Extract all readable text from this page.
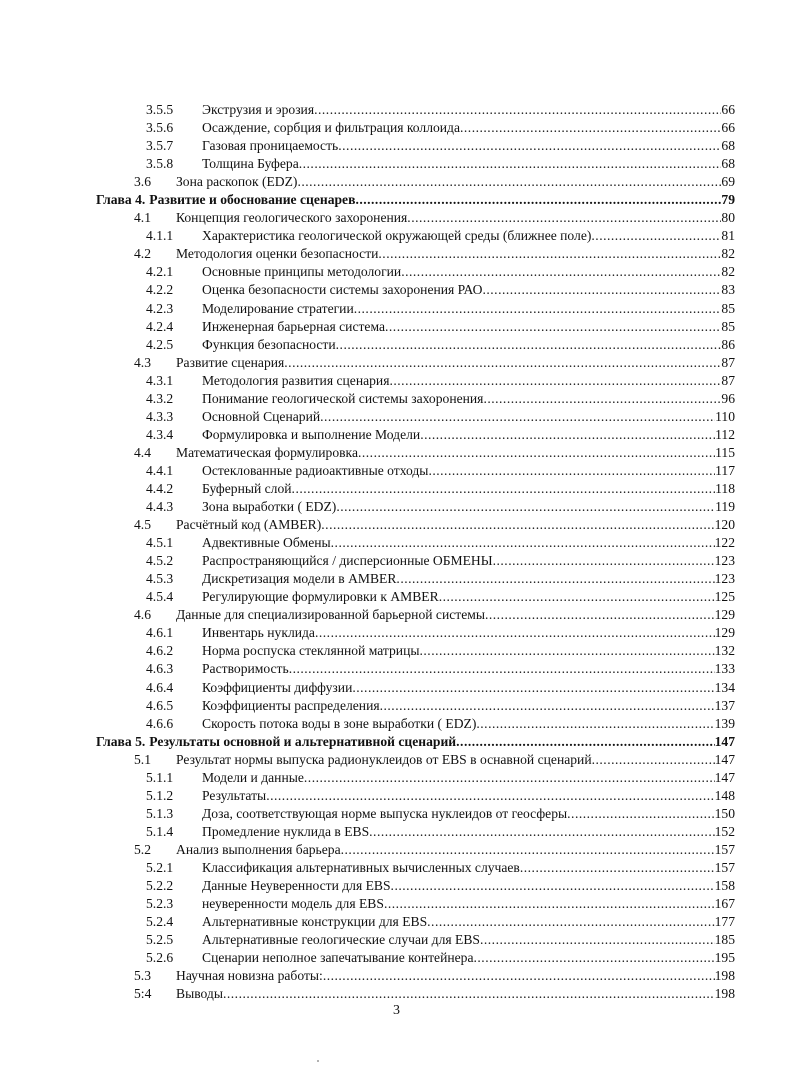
3.5.5	Экструзия и эрозия .....	66
3.5.6	Осаждение, сорбция и фильтрация коллоида .....	66
3.5.7	Газовая проницаемость .....	68
3.5.8	Толщина Буфера .....	68
3.6	Зона раскопок (EDZ) .....	69
Глава 4. Развитие и обоснование сценарев .....	79
4.1	Концепция геологического захоронения .....	80
4.1.1	Характеристика геологической окружающей среды (ближнее поле) .....	81
4.2	Методология оценки безопасности .....	82
4.2.1	Основные принципы методологии .....	82
4.2.2	Оценка безопасности системы захоронения РАО .....	83
4.2.3	Моделирование стратегии .....	85
4.2.4	Инженерная барьерная система .....	85
4.2.5	Функция безопасности .....	86
4.3	Развитие сценария .....	87
4.3.1	Методология развития сценария .....	87
4.3.2	Понимание геологической системы захоронения .....	96
4.3.3	Основной Сценарий .....	110
4.3.4	Формулировка и выполнение Модели .....	112
4.4	Математическая формулировка .....	115
4.4.1	Остеклованные радиоактивные отходы .....	117
4.4.2	Буферный слой .....	118
4.4.3	Зона выработки ( EDZ) .....	119
4.5	Расчётный код (AMBER) .....	120
4.5.1	Адвективные Обмены .....	122
4.5.2	Распространяющийся / дисперсионные ОБМЕНЫ .....	123
4.5.3	Дискретизация модели в AMBER .....	123
4.5.4	Регулирующие формулировки к AMBER .....	125
4.6	Данные для специализированной барьерной системы .....	129
4.6.1	Инвентарь нуклида .....	129
4.6.2	Норма роспуска стеклянной матрицы .....	132
4.6.3	Растворимость .....	133
4.6.4	Коэффициенты диффузии .....	134
4.6.5	Коэффициенты распределения .....	137
4.6.6	Скорость потока воды в зоне выработки ( EDZ) .....	139
Глава 5. Результаты основной и альтернативной сценарий .....	147
5.1	Результат нормы выпуска радионуклеидов от EBS в оснавной сценарий .....	147
5.1.1	Модели и данные .....	147
5.1.2	Результаты .....	148
5.1.3	Доза, соответствующая норме выпуска нуклеидов от геосферы .....	150
5.1.4	Промедление нуклида в EBS .....	152
5.2	Анализ выполнения барьера .....	157
5.2.1	Классификация альтернативных вычисленных случаев .....	157
5.2.2	Данные Неуверенности для EBS .....	158
5.2.3	неуверенности модель для EBS .....	167
5.2.4	Альтернативные конструкции для EBS .....	177
5.2.5	Альтернативные геологические случаи для EBS .....	185
5.2.6	Сценарии неполное запечатывание контейнера .....	195
5.3	Научная новизна работы: .....	198
5:4	Выводы .....	198
3
